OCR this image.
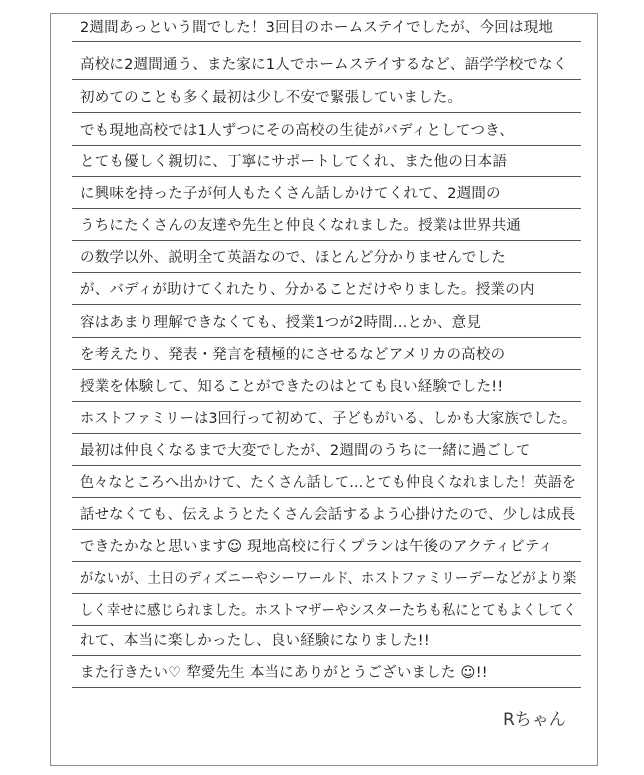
2週間あっという間でした！3回目のホームステイでしたが、今回は現地
高校に2週間通う、また家に1人でホームステイするなど、語学学校でなく
初めてのことも多く最初は少し不安で緊張していました。
でも現地高校では1人ずつにその高校の生徒がバディとしてつき、
とても優しく親切に、丁寧にサポートしてくれ、また他の日本語
に興味を持った子が何人もたくさん話しかけてくれて、2週間の
うちにたくさんの友達や先生と仲良くなれました。授業は世界共通
の数学以外、説明全て英語なので、ほとんど分かりませんでした
が、バディが助けてくれたり、分かることだけやりました。授業の内
容はあまり理解できなくても、授業1つが2時間…とか、意見
を考えたり、発表・発言を積極的にさせるなどアメリカの高校の
授業を体験して、知ることができたのはとても良い経験でした!!
ホストファミリーは3回行って初めて、子どもがいる、しかも大家族でした。
最初は仲良くなるまで大変でしたが、2週間のうちに一緒に過ごして
色々なところへ出かけて、たくさん話して…とても仲良くなれました！英語を
話せなくても、伝えようとたくさん会話するよう心掛けたので、少しは成長
できたかなと思います☺ 現地高校に行くプランは午後のアクティビティ
がないが、土日のディズニーやシーワールド、ホストファミリーデーなどがより楽
しく幸せに感じられました。ホストマザーやシスターたちも私にとてもよくしてく
れて、本当に楽しかったし、良い経験になりました!!
また行きたい♡ 犂愛先生 本当にありがとうございました ☺!!
Rちゃん
